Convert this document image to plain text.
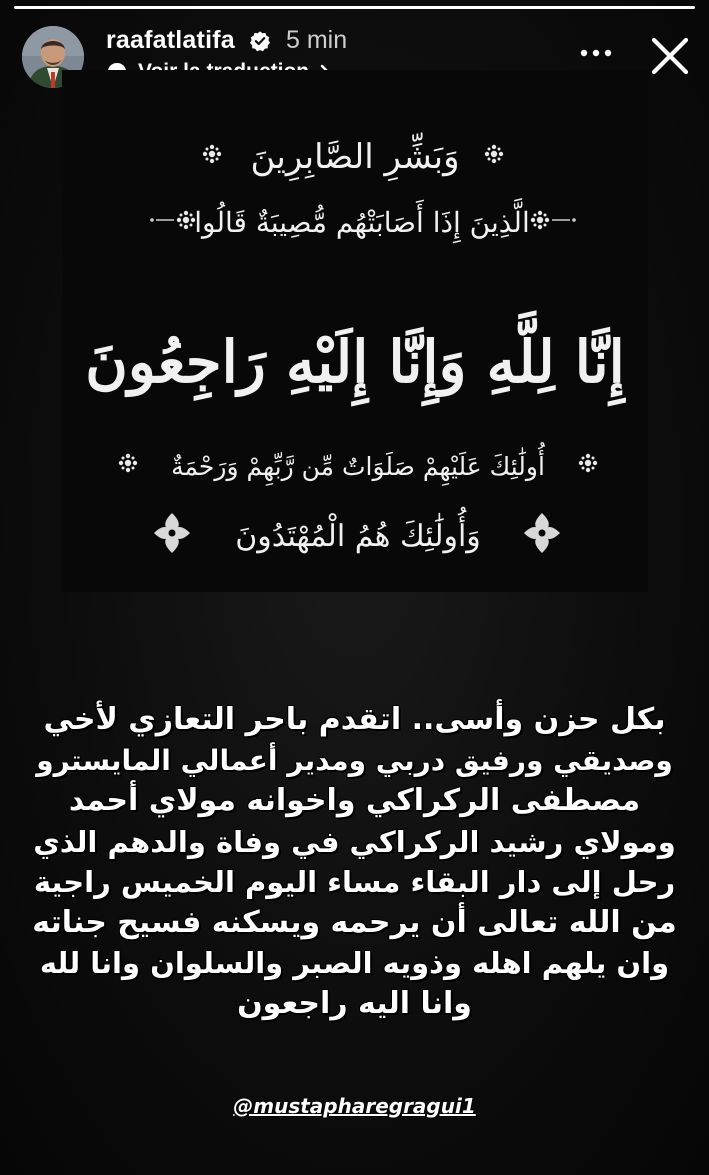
raafatlatifa 5 min
وَبَشِّرِ الصَّابِرِينَ
الَّذِينَ إِذَا أَصَابَتْهُم مُّصِيبَةٌ قَالُوا
إِنَّا لِلَّهِ وَإِنَّا إِلَيْهِ رَاجِعُونَ
أُولَٰئِكَ عَلَيْهِمْ صَلَوَاتٌ مِّن رَّبِّهِمْ وَرَحْمَةٌ
وَأُولَٰئِكَ هُمُ الْمُهْتَدُونَ
بكل حزن وأسى.. اتقدم باحر التعازي لأخي
وصديقي ورفيق دربي ومدير أعمالي المايسترو
مصطفى الركراكي واخوانه مولاي أحمد
ومولاي رشيد الركراكي في وفاة والدهم الذي
رحل إلى دار البقاء مساء اليوم الخميس راجية
من الله تعالى أن يرحمه ويسكنه فسيح جناته
وان يلهم اهله وذويه الصبر والسلوان وانا لله
وانا اليه راجعون
@mustapharegragui1
